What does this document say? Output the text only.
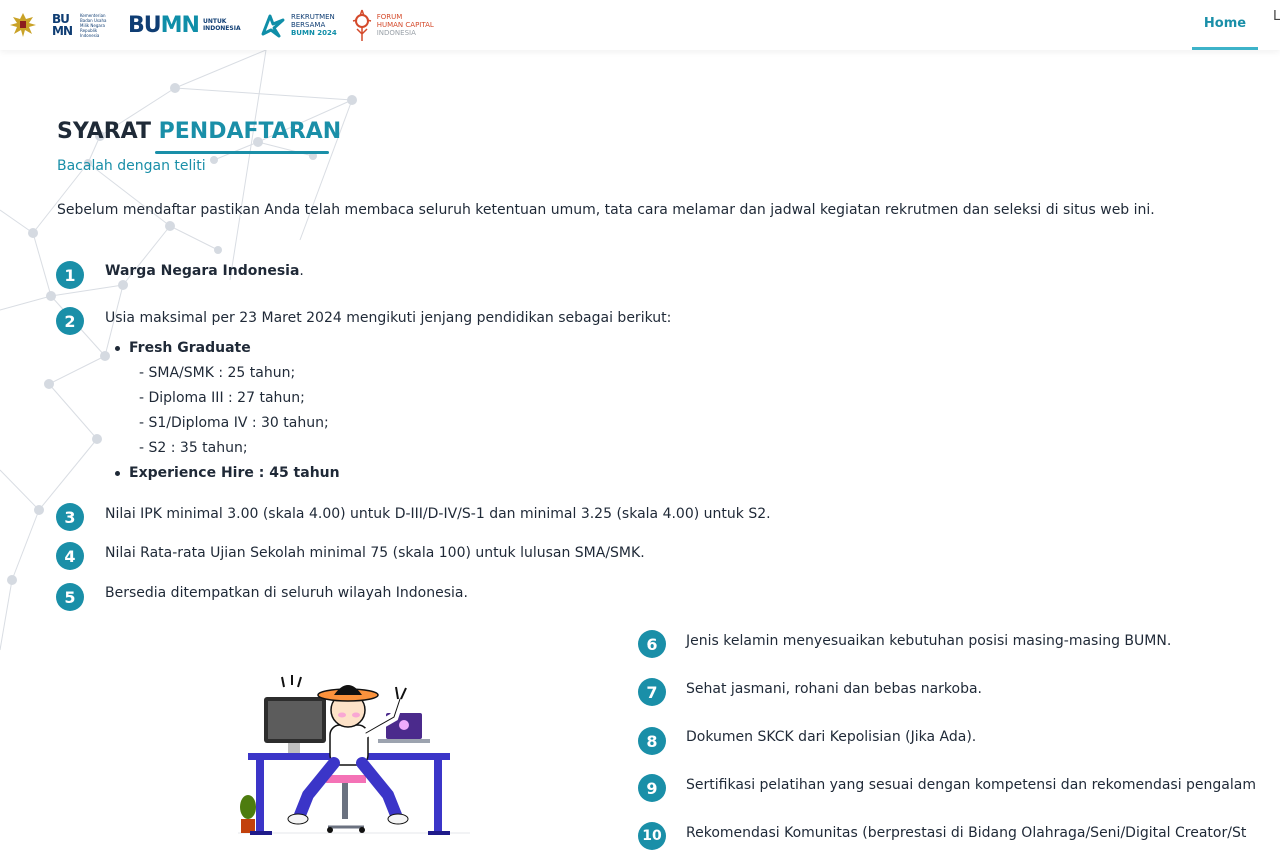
BUMN
Kementerian Badan Usaha Milik Negara Republik Indonesia	BUMN UNTUK INDONESIA
REKRUTMEN
BERSAMA
BUMN 2024
FORUM
HUMAN CAPITAL
INDONESIA
Home	L
SYARAT PENDAFTARAN
Bacalah dengan teliti

Sebelum mendaftar pastikan Anda telah membaca seluruh ketentuan umum, tata cara melamar dan jadwal kegiatan rekrutmen dan seleksi di situs web ini.

1	Warga Negara Indonesia.
2	Usia maksimal per 23 Maret 2024 mengikuti jenjang pendidikan sebagai berikut:
Fresh Graduate
- SMA/SMK : 25 tahun;
- Diploma III : 27 tahun;
- S1/Diploma IV : 30 tahun;
- S2 : 35 tahun;
Experience Hire : 45 tahun
3	Nilai IPK minimal 3.00 (skala 4.00) untuk D-III/D-IV/S-1 dan minimal 3.25 (skala 4.00) untuk S2.
4	Nilai Rata-rata Ujian Sekolah minimal 75 (skala 100) untuk lulusan SMA/SMK.
5	Bersedia ditempatkan di seluruh wilayah Indonesia.
6	Jenis kelamin menyesuaikan kebutuhan posisi masing-masing BUMN.
7	Sehat jasmani, rohani dan bebas narkoba.
8	Dokumen SKCK dari Kepolisian (Jika Ada).
9	Sertifikasi pelatihan yang sesuai dengan kompetensi dan rekomendasi pengalam
10	Rekomendasi Komunitas (berprestasi di Bidang Olahraga/Seni/Digital Creator/St
